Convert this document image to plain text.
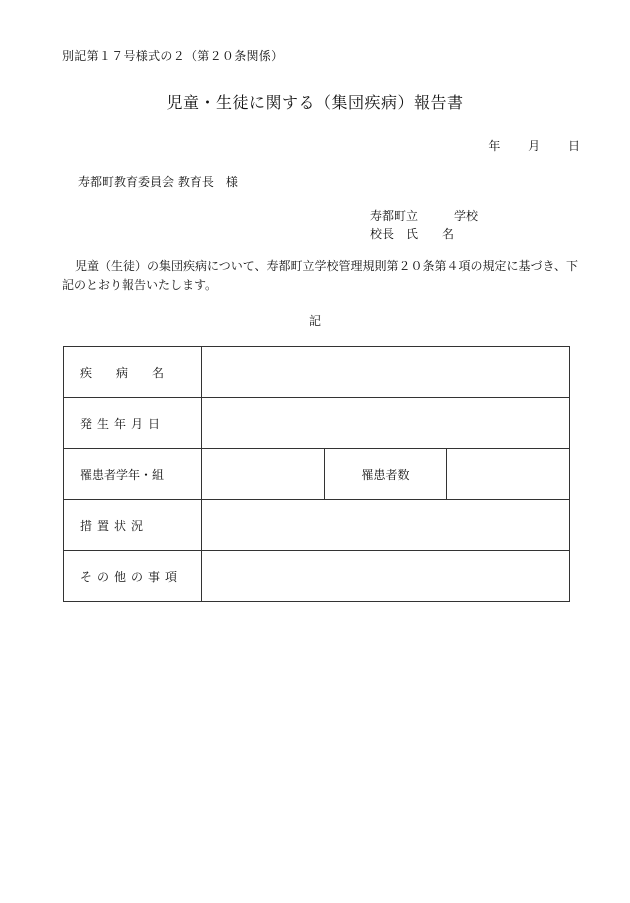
別記第１７号様式の２（第２０条関係）
児童・生徒に関する（集団疾病）報告書
年 月 日
寿都町教育委員会 教育長　様
寿都町立　　　学校
校長　氏　　名
児童（生徒）の集団疾病について、寿都町立学校管理規則第２０条第４項の規定に基づき、下記のとおり報告いたします。
記
疾病名			
発生年月日			
罹患者学年・組		罹患者数	
措置状況			
その他の事項			
